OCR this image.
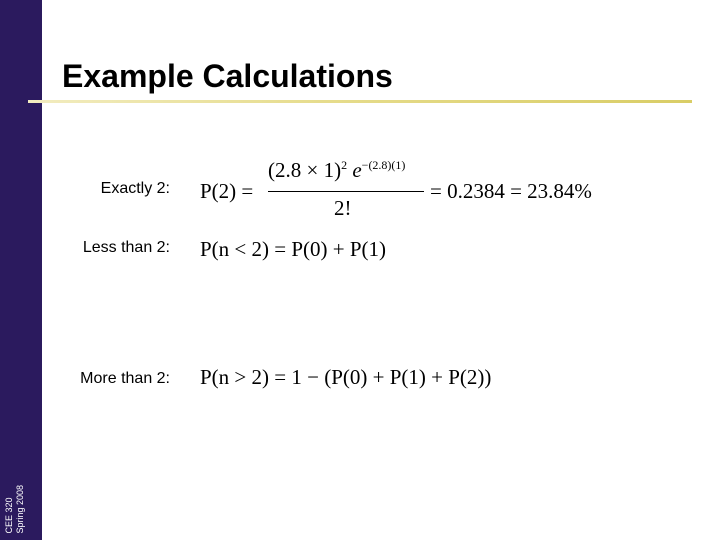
CEE 320 Spring 2008
Example Calculations
Exactly 2:
Less than 2:
More than 2:
P(2) =
$(2.8 \times 1)^2$ $e^{-(2.8)(1)}$
2!
= 0.2384 = 23.84%
P(n < 2) = P(0) + P(1)
P(n > 2) = 1 − (P(0) + P(1) + P(2))
